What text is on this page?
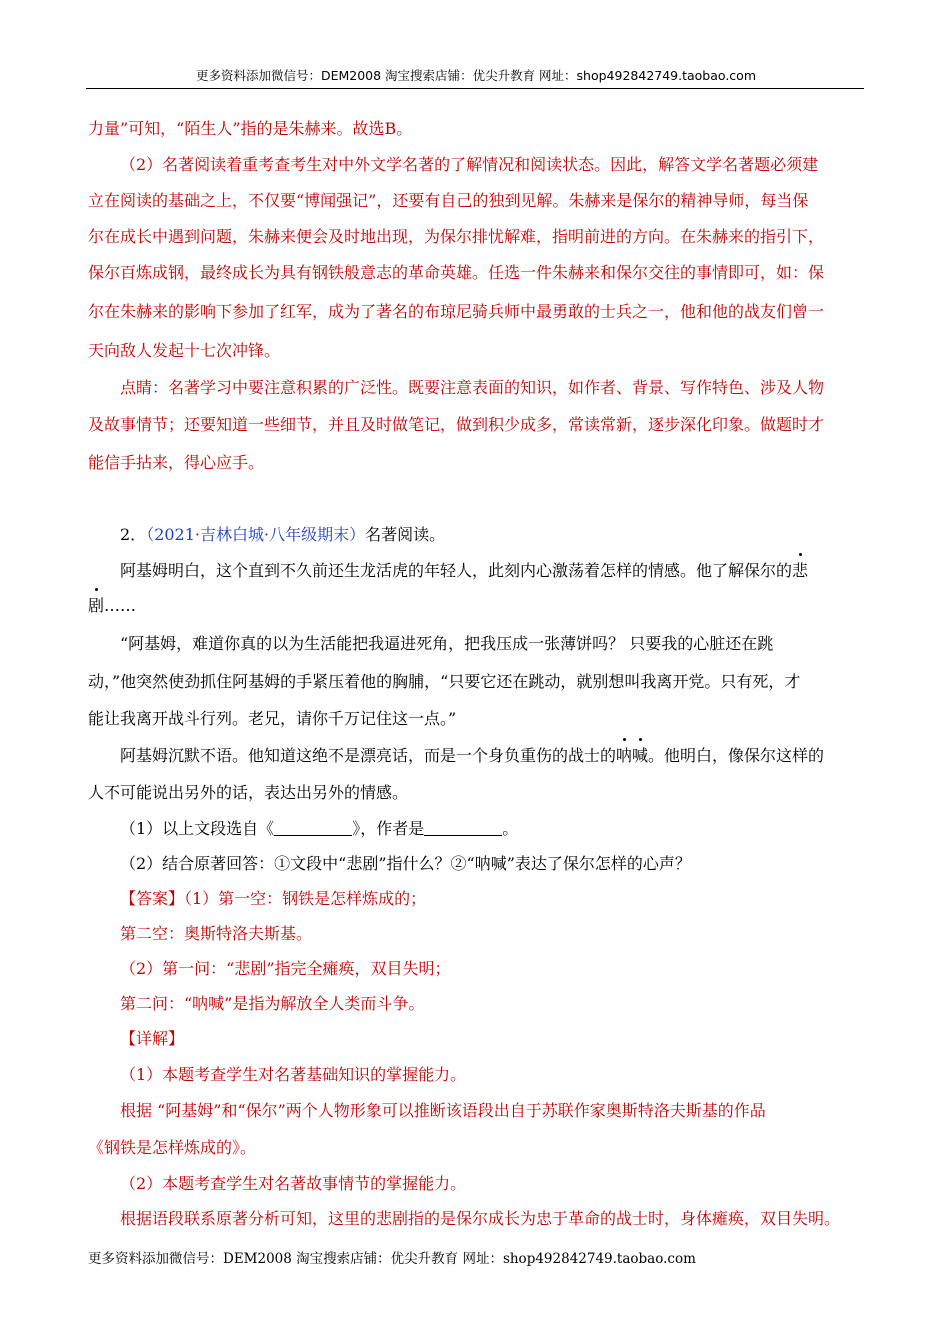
更多资料添加微信号：DEM2008 淘宝搜索店铺：优尖升教育 网址：shop492842749.taobao.com
力量”可知，“陌生人”指的是朱赫来。故选B。
（2）名著阅读着重考查考生对中外文学名著的了解情况和阅读状态。因此，解答文学名著题必须建
立在阅读的基础之上，不仅要“博闻强记”，还要有自己的独到见解。朱赫来是保尔的精神导师，每当保
尔在成长中遇到问题，朱赫来便会及时地出现，为保尔排忧解难，指明前进的方向。在朱赫来的指引下，
保尔百炼成钢，最终成长为具有钢铁般意志的革命英雄。任选一件朱赫来和保尔交往的事情即可，如：保
尔在朱赫来的影响下参加了红军，成为了著名的布琼尼骑兵师中最勇敢的士兵之一，他和他的战友们曾一
天向敌人发起十七次冲锋。
点睛：名著学习中要注意积累的广泛性。既要注意表面的知识，如作者、背景、写作特色、涉及人物
及故事情节；还要知道一些细节，并且及时做笔记，做到积少成多，常读常新，逐步深化印象。做题时才
能信手拈来，得心应手。
2．（2021·吉林白城·八年级期末）名著阅读。
阿基姆明白，这个直到不久前还生龙活虎的年轻人，此刻内心激荡着怎样的情感。他了解保尔的悲
剧……
“阿基姆，难道你真的以为生活能把我逼进死角，把我压成一张薄饼吗？ 只要我的心脏还在跳
动，”他突然使劲抓住阿基姆的手紧压着他的胸脯，“只要它还在跳动，就别想叫我离开党。只有死，才
能让我离开战斗行列。老兄，请你千万记住这一点。”
阿基姆沉默不语。他知道这绝不是漂亮话，而是一个身负重伤的战士的呐喊。他明白，像保尔这样的
人不可能说出另外的话，表达出另外的情感。
（1）以上文段选自《	》，作者是	。
（2）结合原著回答：①文段中“悲剧”指什么？②“呐喊”表达了保尔怎样的心声？
【答案】（1）第一空：钢铁是怎样炼成的；
第二空：奥斯特洛夫斯基。
（2）第一问：“悲剧”指完全瘫痪，双目失明；
第二问：“呐喊”是指为解放全人类而斗争。
【详解】
（1）本题考查学生对名著基础知识的掌握能力。
根据 “阿基姆”和“保尔”两个人物形象可以推断该语段出自于苏联作家奥斯特洛夫斯基的作品
《钢铁是怎样炼成的》。
（2）本题考查学生对名著故事情节的掌握能力。
根据语段联系原著分析可知，这里的悲剧指的是保尔成长为忠于革命的战士时，身体瘫痪，双目失明。
更多资料添加微信号：DEM2008 淘宝搜索店铺：优尖升教育 网址：shop492842749.taobao.com
